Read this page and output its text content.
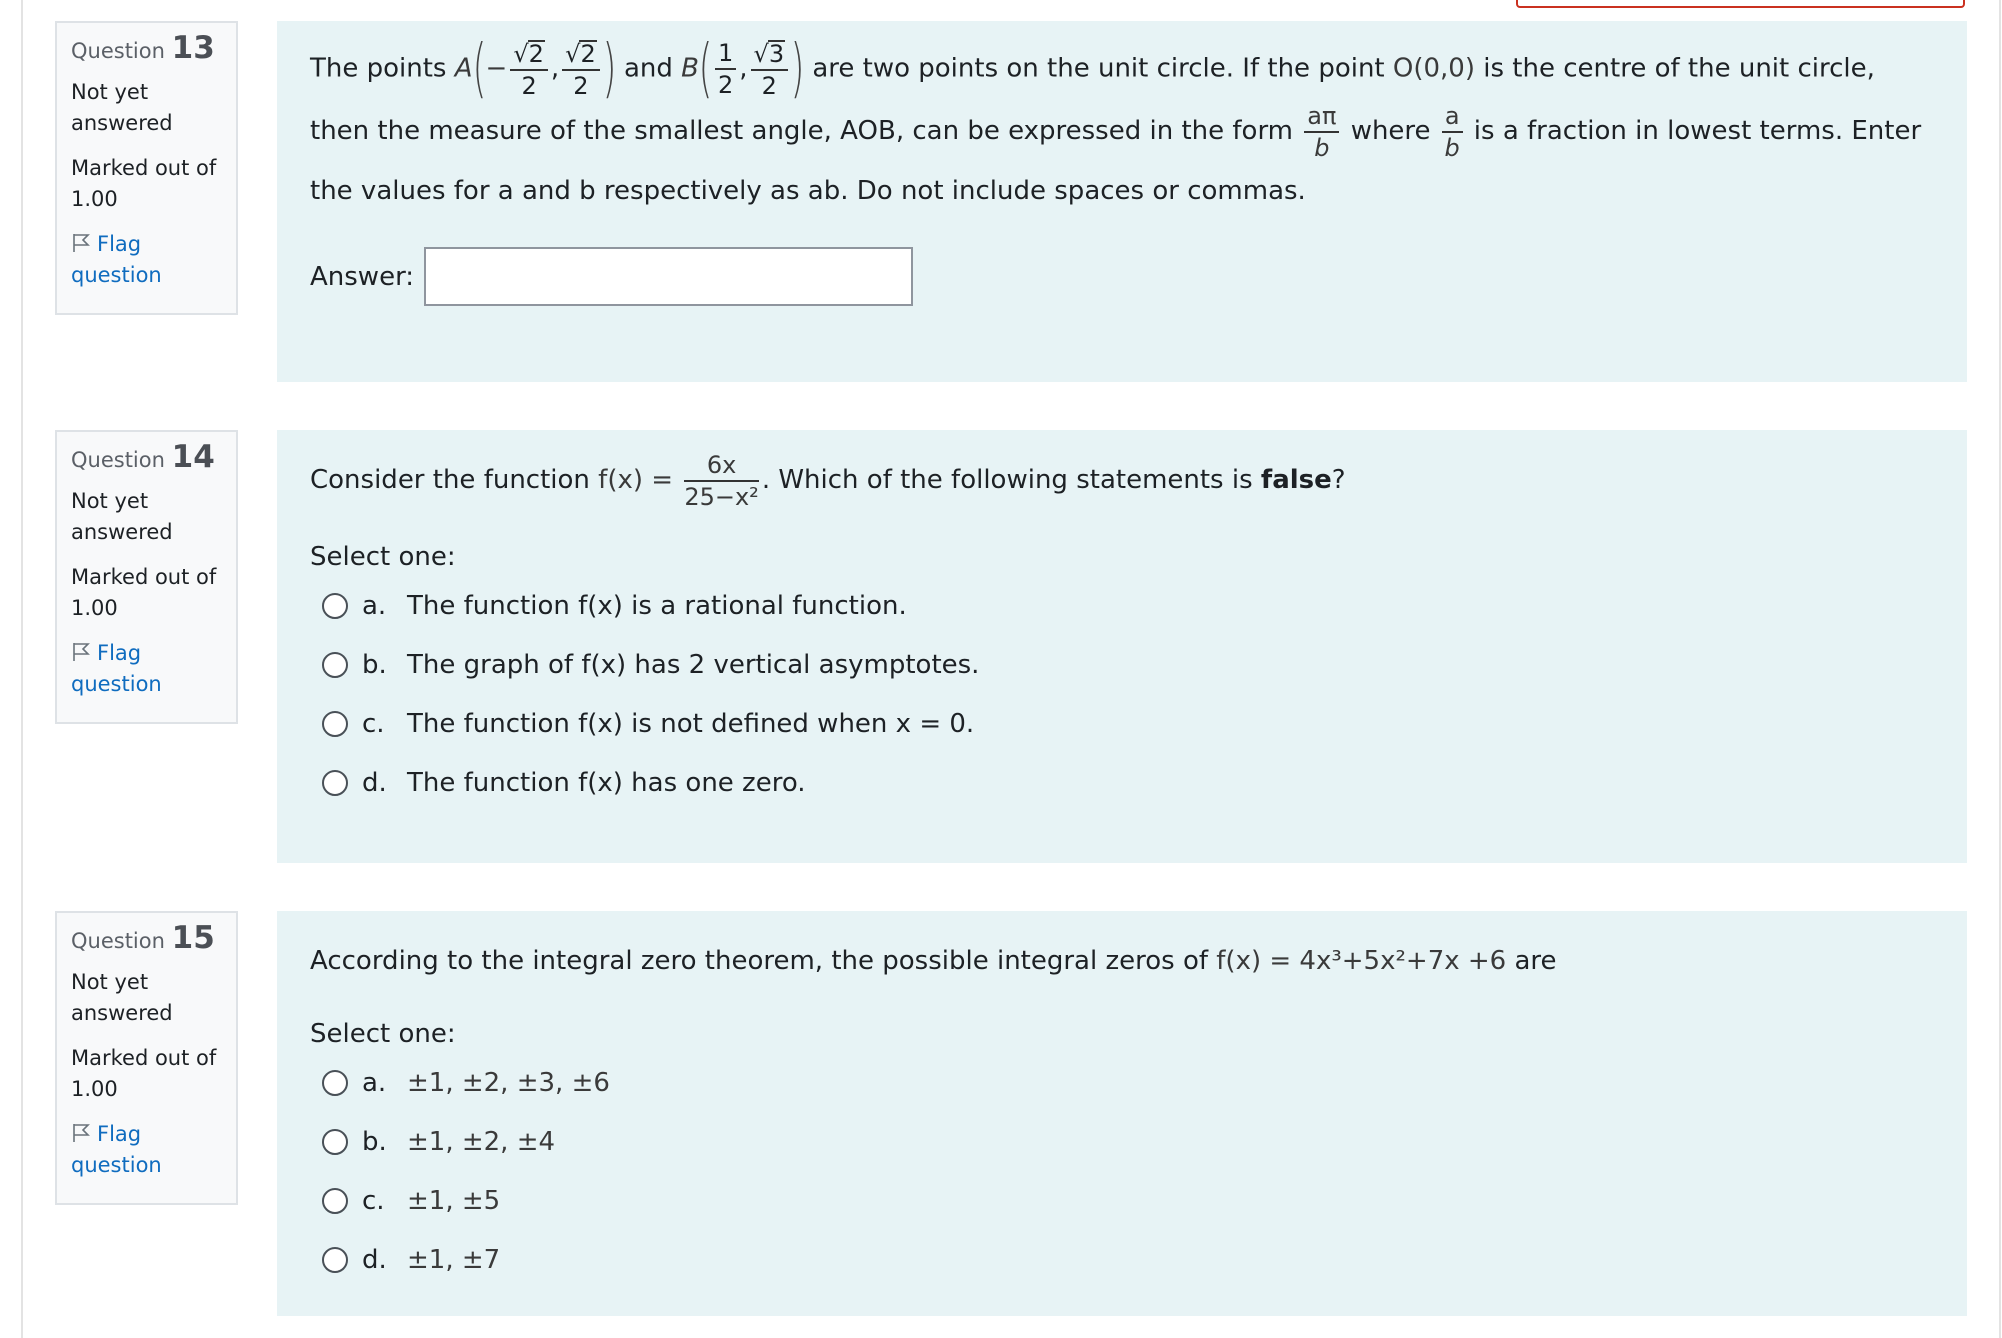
Question 13
Not yet answered
Marked out of 1.00
Flag question
The points $A(- \frac{√2}{2}$ , $\frac{√2}{2}$ ) and $B( \frac{1}{2}$ , $\frac{√3}{2}$ ) are two points on the unit circle. If the point O(0,0) is the centre of the unit circle, then the measure of the smallest angle, AOB, can be expressed in the form $\frac{a\pi}{b}$ where $\frac{a}{b}$ is a fraction in lowest terms. Enter the values for a and b respectively as ab. Do not include spaces or commas.
Answer:
Question 14
Not yet answered
Marked out of 1.00
Flag question
Consider the function $f(x) = \frac{6x}{\text{25−x²}}$ . Which of the following statements is false?
Select one:
a. The function f(x) is a rational function.
b. The graph of f(x) has 2 vertical asymptotes.
c. The function f(x) is not defined when x = 0.
d. The function f(x) has one zero.
Question 15
Not yet answered
Marked out of 1.00
Flag question
According to the integral zero theorem, the possible integral zeros of f(x) = 4x³+5x²+7x +6 are
Select one:
a. ±1, ±2, ±3, ±6
b. ±1, ±2, ±4
c. ±1, ±5
d. ±1, ±7
